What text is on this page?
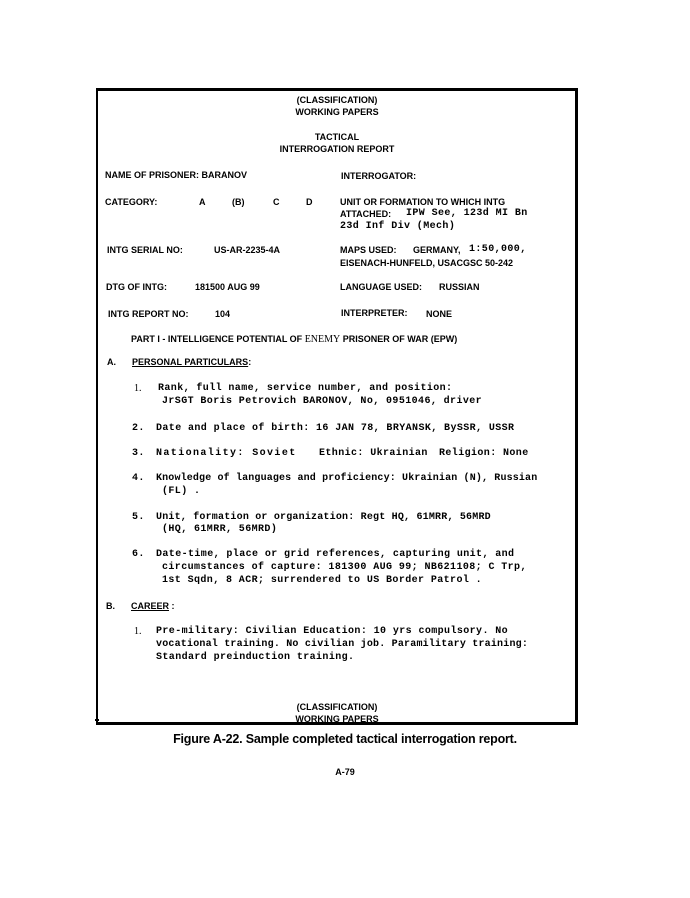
(CLASSIFICATION)
WORKING PAPERS
TACTICAL
INTERROGATION REPORT
NAME OF PRISONER: BARANOV	INTERROGATOR:
CATEGORY:	A	(B)	C	D	UNIT OR FORMATION TO WHICH INTG
ATTACHED: IPW See, 123d MI Bn
23d Inf Div (Mech)
INTG SERIAL NO:	US-AR-2235-4A	MAPS USED: GERMANY, 1:50,000,
EISENACH-HUNFELD, USACGSC 50-242
DTG OF INTG:	181500 AUG 99	LANGUAGE USED: RUSSIAN
INTG REPORT NO:	104	INTERPRETER: NONE
PART I - INTELLIGENCE POTENTIAL OF ENEMY PRISONER OF WAR (EPW)
A. PERSONAL PARTICULARS:
1. Rank, full name, service number, and position:
JrSGT Boris Petrovich BARONOV, No, 0951046, driver
2. Date and place of birth: 16 JAN 78, BRYANSK, BySSR, USSR
3. Nationality: Soviet Ethnic: Ukrainian Religion: None
4. Knowledge of languages and proficiency: Ukrainian (N), Russian
(FL) .
5. Unit, formation or organization: Regt HQ, 61MRR, 56MRD
(HQ, 61MRR, 56MRD)
6. Date-time, place or grid references, capturing unit, and
circumstances of capture: 181300 AUG 99; NB621108; C Trp,
1st Sqdn, 8 ACR; surrendered to US Border Patrol .
B. CAREER :
1. Pre-military: Civilian Education: 10 yrs compulsory. No
vocational training. No civilian job. Paramilitary training:
Standard preinduction training.
(CLASSIFICATION)
WORKING PAPERS
Figure A-22. Sample completed tactical interrogation report.
A-79
